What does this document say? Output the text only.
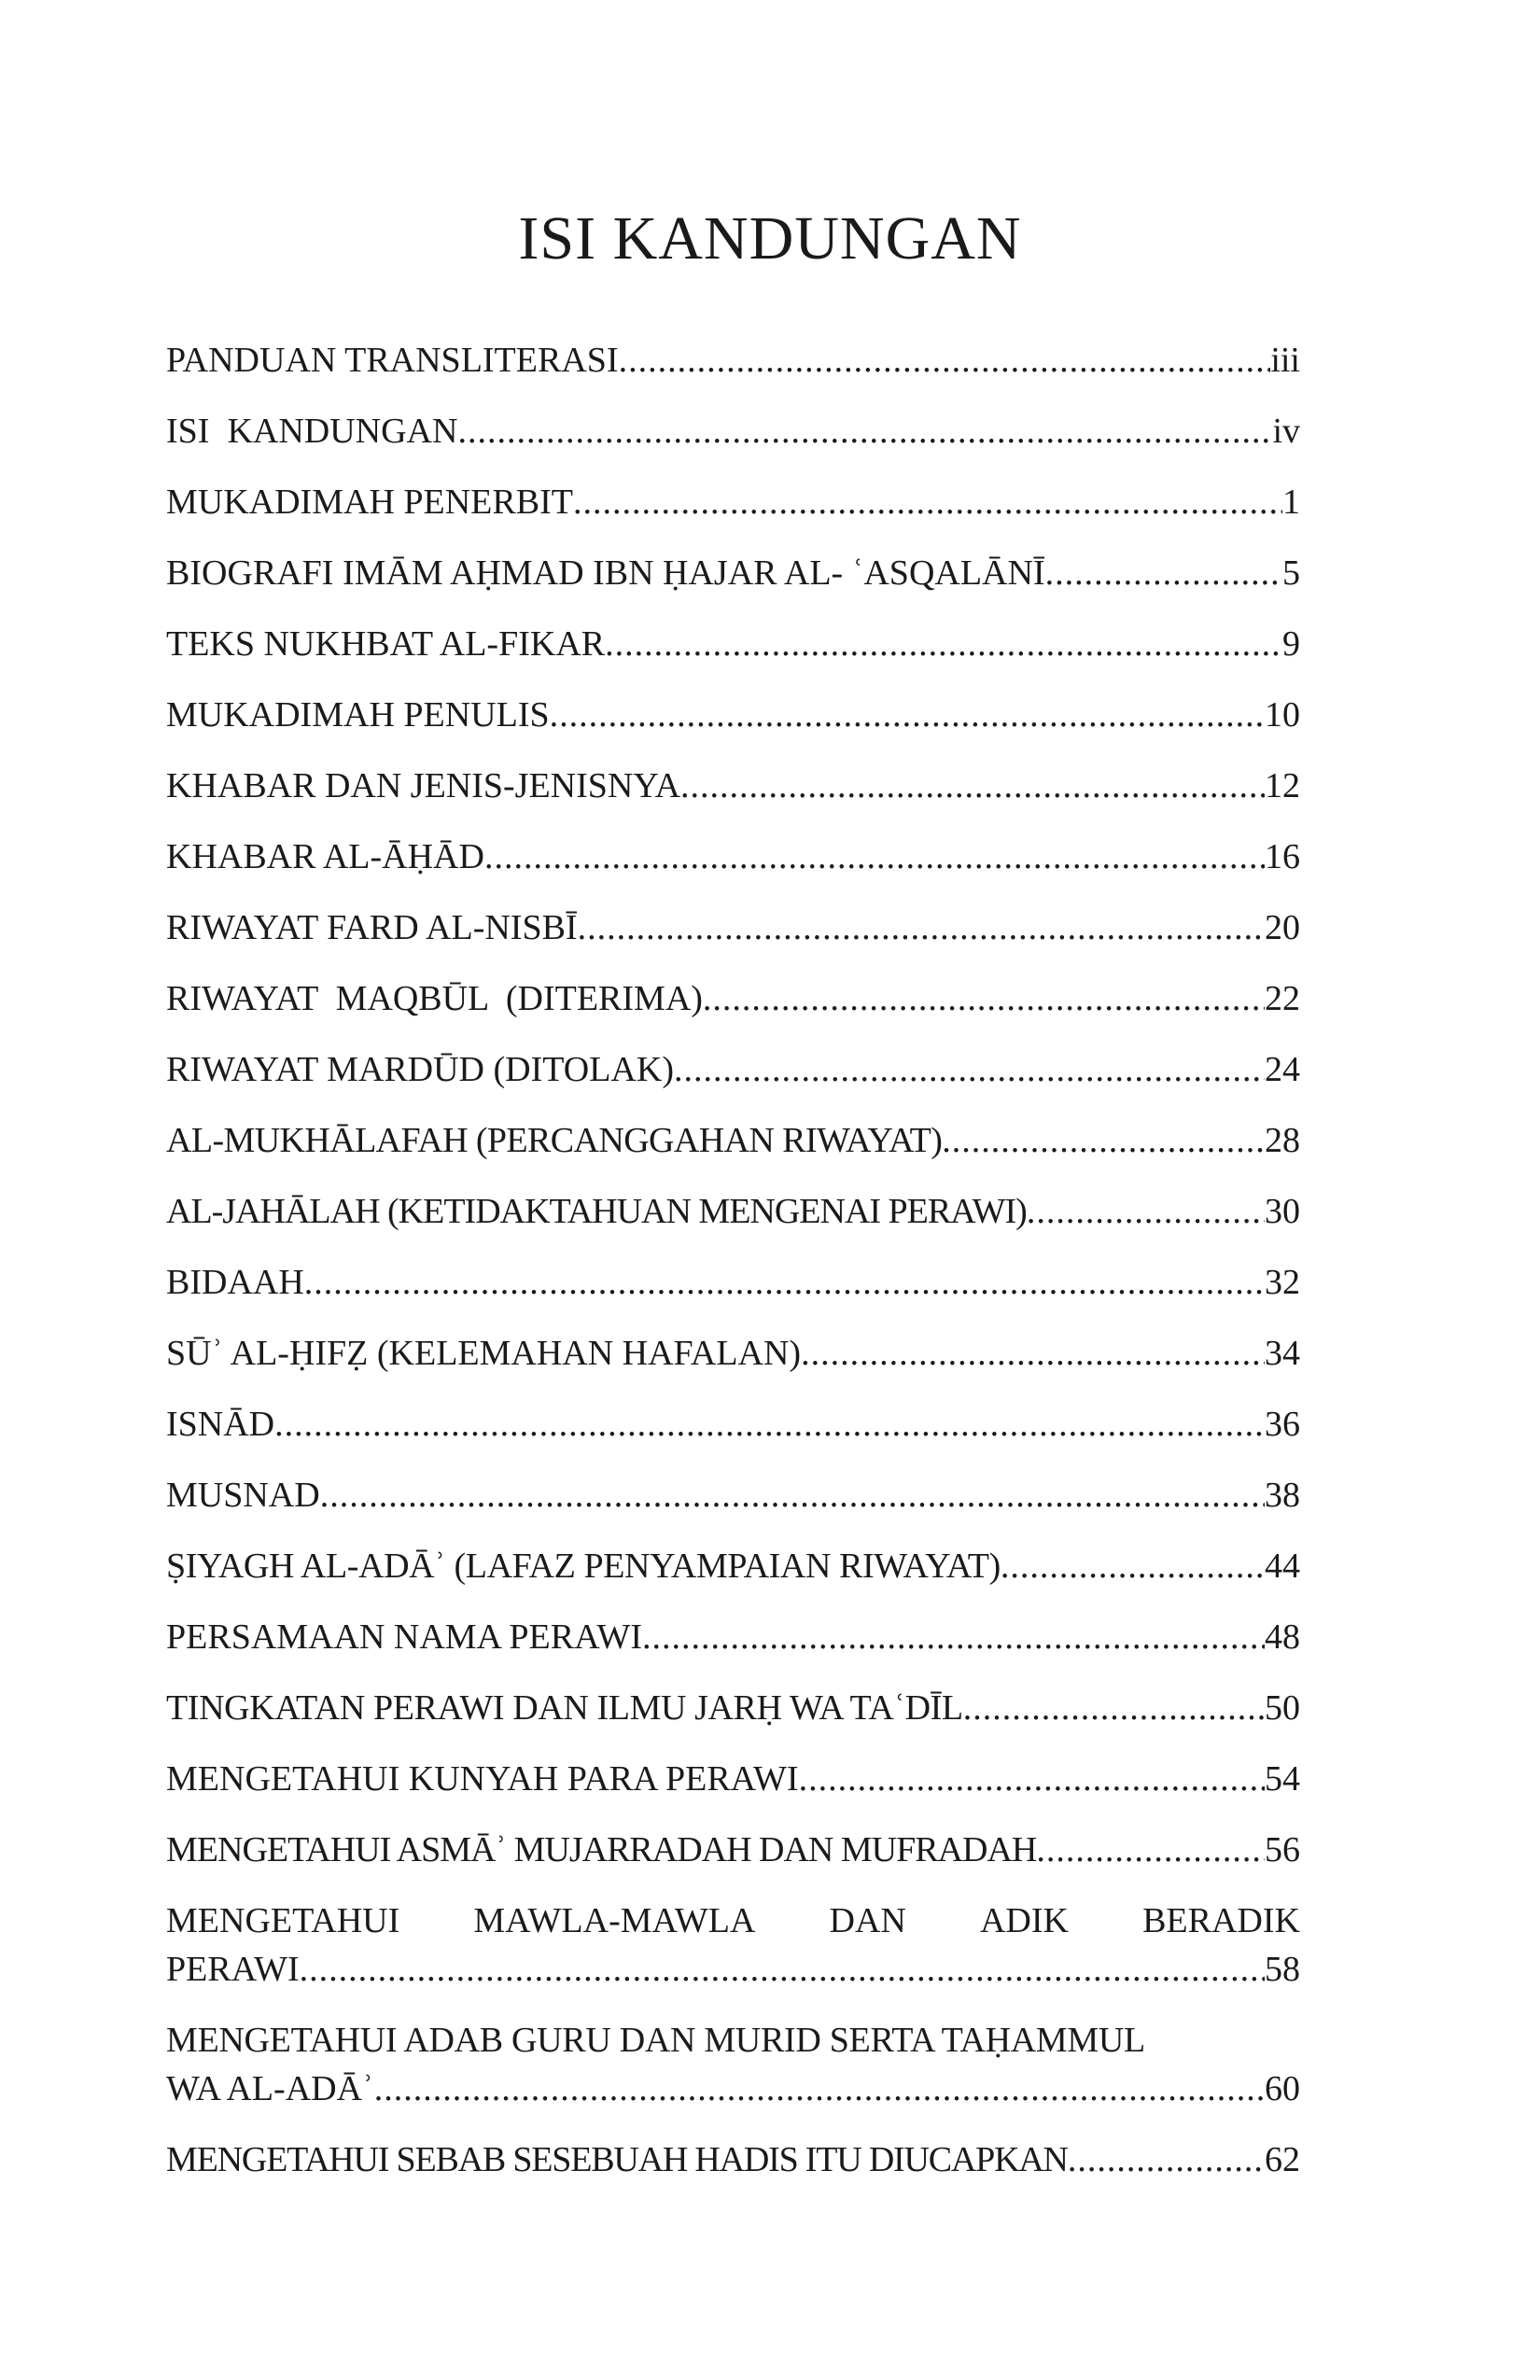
ISI KANDUNGAN
PANDUAN TRANSLITERASI .....	iii
ISI  KANDUNGAN .....	iv
MUKADIMAH PENERBIT .....	1
BIOGRAFI IMĀM AḤMAD IBN ḤAJAR AL- ʿASQALĀNĪ .....	5
TEKS NUKHBAT AL-FIKAR .....	9
MUKADIMAH PENULIS .....	10
KHABAR DAN JENIS-JENISNYA .....	12
KHABAR AL-ĀḤĀD .....	16
RIWAYAT FARD AL-NISBĪ .....	20
RIWAYAT  MAQBŪL  (DITERIMA) .....	22
RIWAYAT MARDŪD (DITOLAK) .....	24
AL-MUKHĀLAFAH (PERCANGGAHAN RIWAYAT) .....	28
AL-JAHĀLAH (KETIDAKTAHUAN MENGENAI PERAWI) .....	30
BIDAAH .....	32
SŪʾ AL-ḤIFẒ (KELEMAHAN HAFALAN) .....	34
ISNĀD .....	36
MUSNAD .....	38
ṢIYAGH AL-ADĀʾ (LAFAZ PENYAMPAIAN RIWAYAT) .....	44
PERSAMAAN NAMA PERAWI .....	48
TINGKATAN PERAWI DAN ILMU JARḤ WA TAʿDĪL .....	50
MENGETAHUI KUNYAH PARA PERAWI .....	54
MENGETAHUI ASMĀʾ MUJARRADAH DAN MUFRADAH .....	56
MENGETAHUI MAWLA-MAWLA DAN ADIK BERADIK
PERAWI .....	58
MENGETAHUI ADAB GURU DAN MURID SERTA TAḤAMMUL
WA AL-ADĀʾ .....	60
MENGETAHUI SEBAB SESEBUAH HADIS ITU DIUCAPKAN .....	62
